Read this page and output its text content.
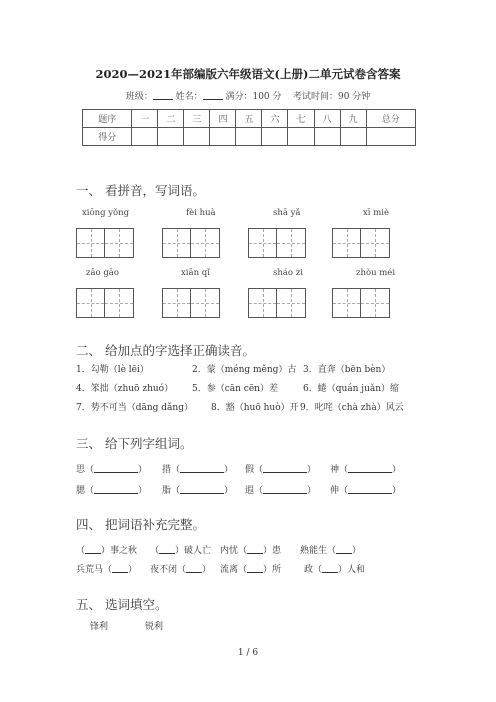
2020—2021年部编版六年级语文(上册)二单元试卷含答案
班级：	姓名：	满分：100 分 考试时间：90 分钟
题序	一	二	三	四	五	六	七	八	九	总分
得分										
一、 看拼音，写词语。
xiōng yǒng	fèi huà	shā yǎ	xī miè
zāo gāo	xiān qǐ	sháo zi	zhòu méi
二、 给加点的字选择正确读音。
1．勾勒（lè lēi）	2．蒙（méng měng）古 3．直奔（bēn bèn）
4．笨拙（zhuō zhuó） 5．参（cān cēn）差	6．蜷（quán juǎn）缩
7．势不可当（dāng dǎng） 8．豁（huō huò）开 9．叱咤（chà zhà）风云
三、 给下列字组词。
思（	） 措（	） 假（	） 神（	）
腮（	） 脂（	） 遐（	） 伸（	）
四、 把词语补充完整。
（ ）事之秋 （ ）破人亡 内忧（ ）患 熟能生（ ）
兵荒马（ ） 夜不闭（ ） 流离（ ）所	政（ ）人和
五、 选词填空。
锋利	锐利
1 / 6
